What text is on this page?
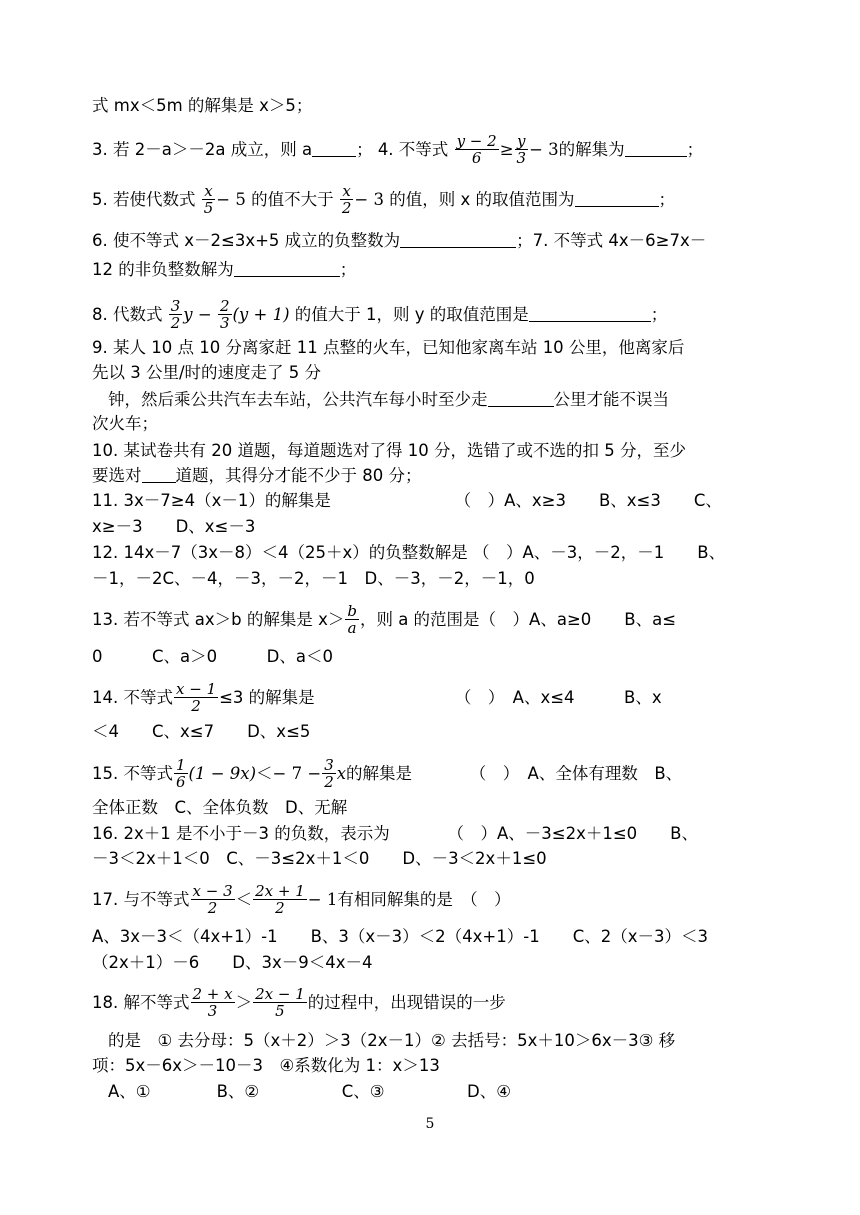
式 mx＜5m 的解集是 x＞5；
3. 若 2－a＞－2a 成立，则 a	； 4. 不等式 $\frac{y - 2}{6} \ge \frac{y}{3} - 3$的解集为	；
5. 若使代数式 $\frac{x}{5} - 5$ 的值不大于 $\frac{x}{2} - 3$ 的值，则 x 的取值范围为	；
6. 使不等式 x－2≤3x+5 成立的负整数为	；7. 不等式 4x－6≥7x－
12 的非负整数解为	；
8. 代数式 $\frac{3}{2}$ $y - \frac{2}{3} (y + 1)$ 的值大于 1，则 y 的取值范围是	；
9. 某人 10 点 10 分离家赶 11 点整的火车，已知他家离车站 10 公里，他离家后
先以 3 公里/时的速度走了 5 分
钟，然后乘公共汽车去车站，公共汽车每小时至少走	公里才能不误当
次火车；
10. 某试卷共有 20 道题，每道题选对了得 10 分，选错了或不选的扣 5 分，至少
要选对 道题，其得分才能不少于 80 分；
11. 3x－7≥4（x－1）的解集是　　　　　　　　（　）A、x≥3　　B、x≤3　　C、
x≥－3　　D、x≤－3
12. 14x－7（3x－8）＜4（25＋x）的负整数解是 （　）A、－3，－2，－1　　B、
－1，－2C、－4，－3，－2，－1　D、－3，－2，－1，0
13. 若不等式 ax＞b 的解集是 $x> \frac{b}{a}$ ，则 a 的范围是（　）A、a≥0　　B、a≤
0　　　C、a＞0　　　D、a＜0
14. 不等式 $\frac{x - 1}{2} \le 3$ 的解集是　　　　　　　　　（　）　A、x≤4　　　B、x
＜4　　C、x≤7　　D、x≤5
15. 不等式 $\frac{1}{6} (1 - 9x)<- 7 - \frac{3}{2}$ x的解集是　　　　（　）　A、全体有理数　B、
全体正数　C、全体负数　D、无解
16. 2x＋1 是不小于－3 的负数，表示为　　　　（　）A、－3≤2x＋1≤0　　B、
－3＜2x＋1＜0　C、－3≤2x＋1＜0　　D、－3＜2x＋1≤0
17. 与不等式 $\frac{x - 3}{2} < \frac{2x + 1}{2} - 1$有相同解集的是　（　）
A、3x－3＜（4x+1）-1　　B、3（x－3）＜2（4x+1）-1　　C、2（x－3）＜3
（2x＋1）－6　　D、3x－9＜4x－4
18. 解不等式 $\frac{2 + x}{3} > \frac{2x - 1}{5}$ 的过程中，出现错误的一步
的是　① 去分母：5（x＋2）＞3（2x－1）② 去括号：5x＋10＞6x－3③ 移
项：5x－6x＞－10－3　④系数化为 1：x＞13
A、①　　　　B、②　　　　　C、③　　　　　D、④
5
